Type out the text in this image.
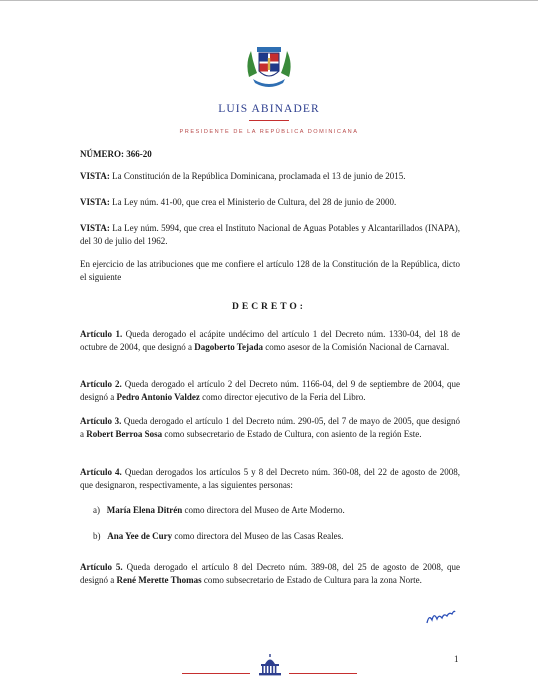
LUIS ABINADER
PRESIDENTE DE LA REPÚBLICA DOMINICANA

NÚMERO: 366-20

VISTA: La Constitución de la República Dominicana, proclamada el 13 de junio de 2015.

VISTA: La Ley núm. 41-00, que crea el Ministerio de Cultura, del 28 de junio de 2000.

VISTA: La Ley núm. 5994, que crea el Instituto Nacional de Aguas Potables y Alcantarillados (INAPA), del 30 de julio del 1962.

En ejercicio de las atribuciones que me confiere el artículo 128 de la Constitución de la República, dicto el siguiente

DECRETO:

Artículo 1. Queda derogado el acápite undécimo del artículo 1 del Decreto núm. 1330-04, del 18 de octubre de 2004, que designó a Dagoberto Tejada como asesor de la Comisión Nacional de Carnaval.

Artículo 2. Queda derogado el artículo 2 del Decreto núm. 1166-04, del 9 de septiembre de 2004, que designó a Pedro Antonio Valdez como director ejecutivo de la Feria del Libro.

Artículo 3. Queda derogado el artículo 1 del Decreto núm. 290-05, del 7 de mayo de 2005, que designó a Robert Berroa Sosa como subsecretario de Estado de Cultura, con asiento de la región Este.

Artículo 4. Quedan derogados los artículos 5 y 8 del Decreto núm. 360-08, del 22 de agosto de 2008, que designaron, respectivamente, a las siguientes personas:

a) María Elena Ditrén como directora del Museo de Arte Moderno.
b) Ana Yee de Cury como directora del Museo de las Casas Reales.

Artículo 5. Queda derogado el artículo 8 del Decreto núm. 389-08, del 25 de agosto de 2008, que designó a René Merette Thomas como subsecretario de Estado de Cultura para la zona Norte.

1
